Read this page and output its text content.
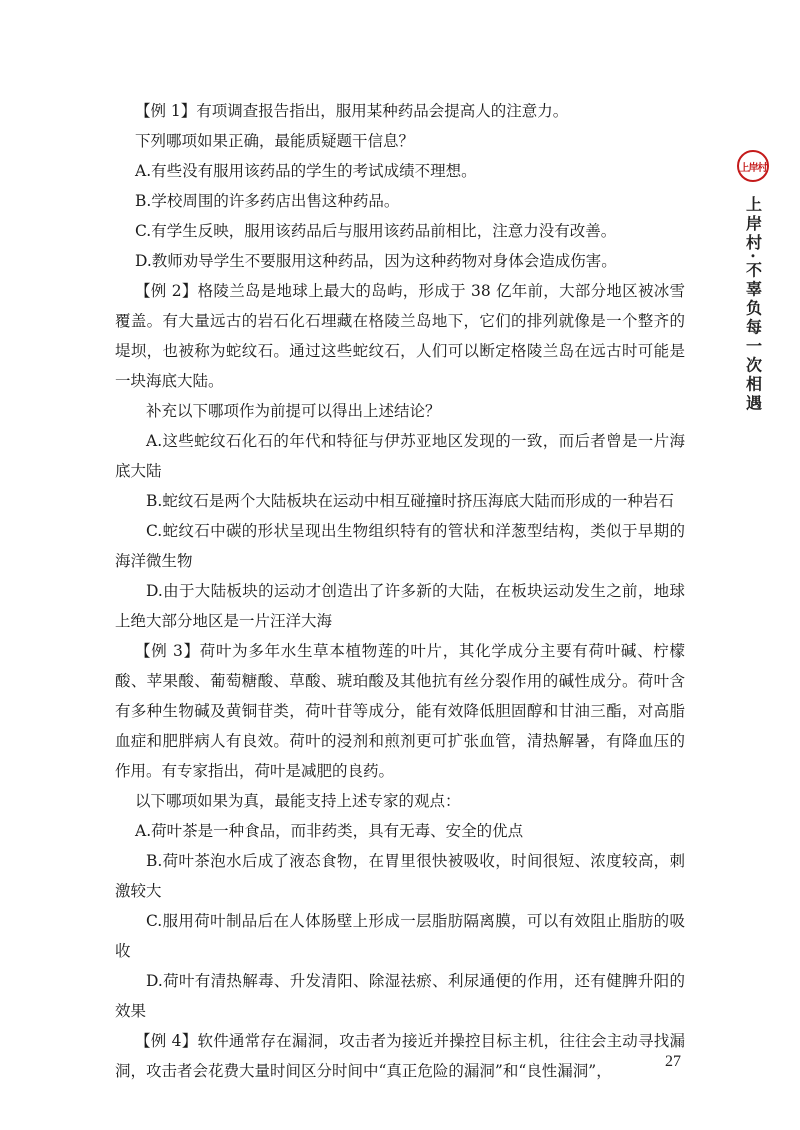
上岸村
上岸村·不辜负每一次相遇

【例 1】有项调查报告指出，服用某种药品会提高人的注意力。

下列哪项如果正确，最能质疑题干信息？

A.有些没有服用该药品的学生的考试成绩不理想。

B.学校周围的许多药店出售这种药品。

C.有学生反映，服用该药品后与服用该药品前相比，注意力没有改善。

D.教师劝导学生不要服用这种药品，因为这种药物对身体会造成伤害。

【例 2】格陵兰岛是地球上最大的岛屿，形成于 38 亿年前，大部分地区被冰雪覆盖。有大量远古的岩石化石埋藏在格陵兰岛地下，它们的排列就像是一个整齐的堤坝，也被称为蛇纹石。通过这些蛇纹石，人们可以断定格陵兰岛在远古时可能是一块海底大陆。

补充以下哪项作为前提可以得出上述结论？

A.这些蛇纹石化石的年代和特征与伊苏亚地区发现的一致，而后者曾是一片海底大陆

B.蛇纹石是两个大陆板块在运动中相互碰撞时挤压海底大陆而形成的一种岩石

C.蛇纹石中碳的形状呈现出生物组织特有的管状和洋葱型结构，类似于早期的海洋微生物

D.由于大陆板块的运动才创造出了许多新的大陆，在板块运动发生之前，地球上绝大部分地区是一片汪洋大海

【例 3】荷叶为多年水生草本植物莲的叶片，其化学成分主要有荷叶碱、柠檬酸、苹果酸、葡萄糖酸、草酸、琥珀酸及其他抗有丝分裂作用的碱性成分。荷叶含有多种生物碱及黄铜苷类，荷叶苷等成分，能有效降低胆固醇和甘油三酯，对高脂血症和肥胖病人有良效。荷叶的浸剂和煎剂更可扩张血管，清热解暑，有降血压的作用。有专家指出，荷叶是减肥的良药。

以下哪项如果为真，最能支持上述专家的观点：

A.荷叶茶是一种食品，而非药类，具有无毒、安全的优点

B.荷叶茶泡水后成了液态食物，在胃里很快被吸收，时间很短、浓度较高，刺激较大

C.服用荷叶制品后在人体肠壁上形成一层脂肪隔离膜，可以有效阻止脂肪的吸收

D.荷叶有清热解毒、升发清阳、除湿祛瘀、利尿通便的作用，还有健脾升阳的效果

【例 4】软件通常存在漏洞，攻击者为接近并操控目标主机，往往会主动寻找漏洞，攻击者会花费大量时间区分时间中“真正危险的漏洞”和“良性漏洞”，

27
